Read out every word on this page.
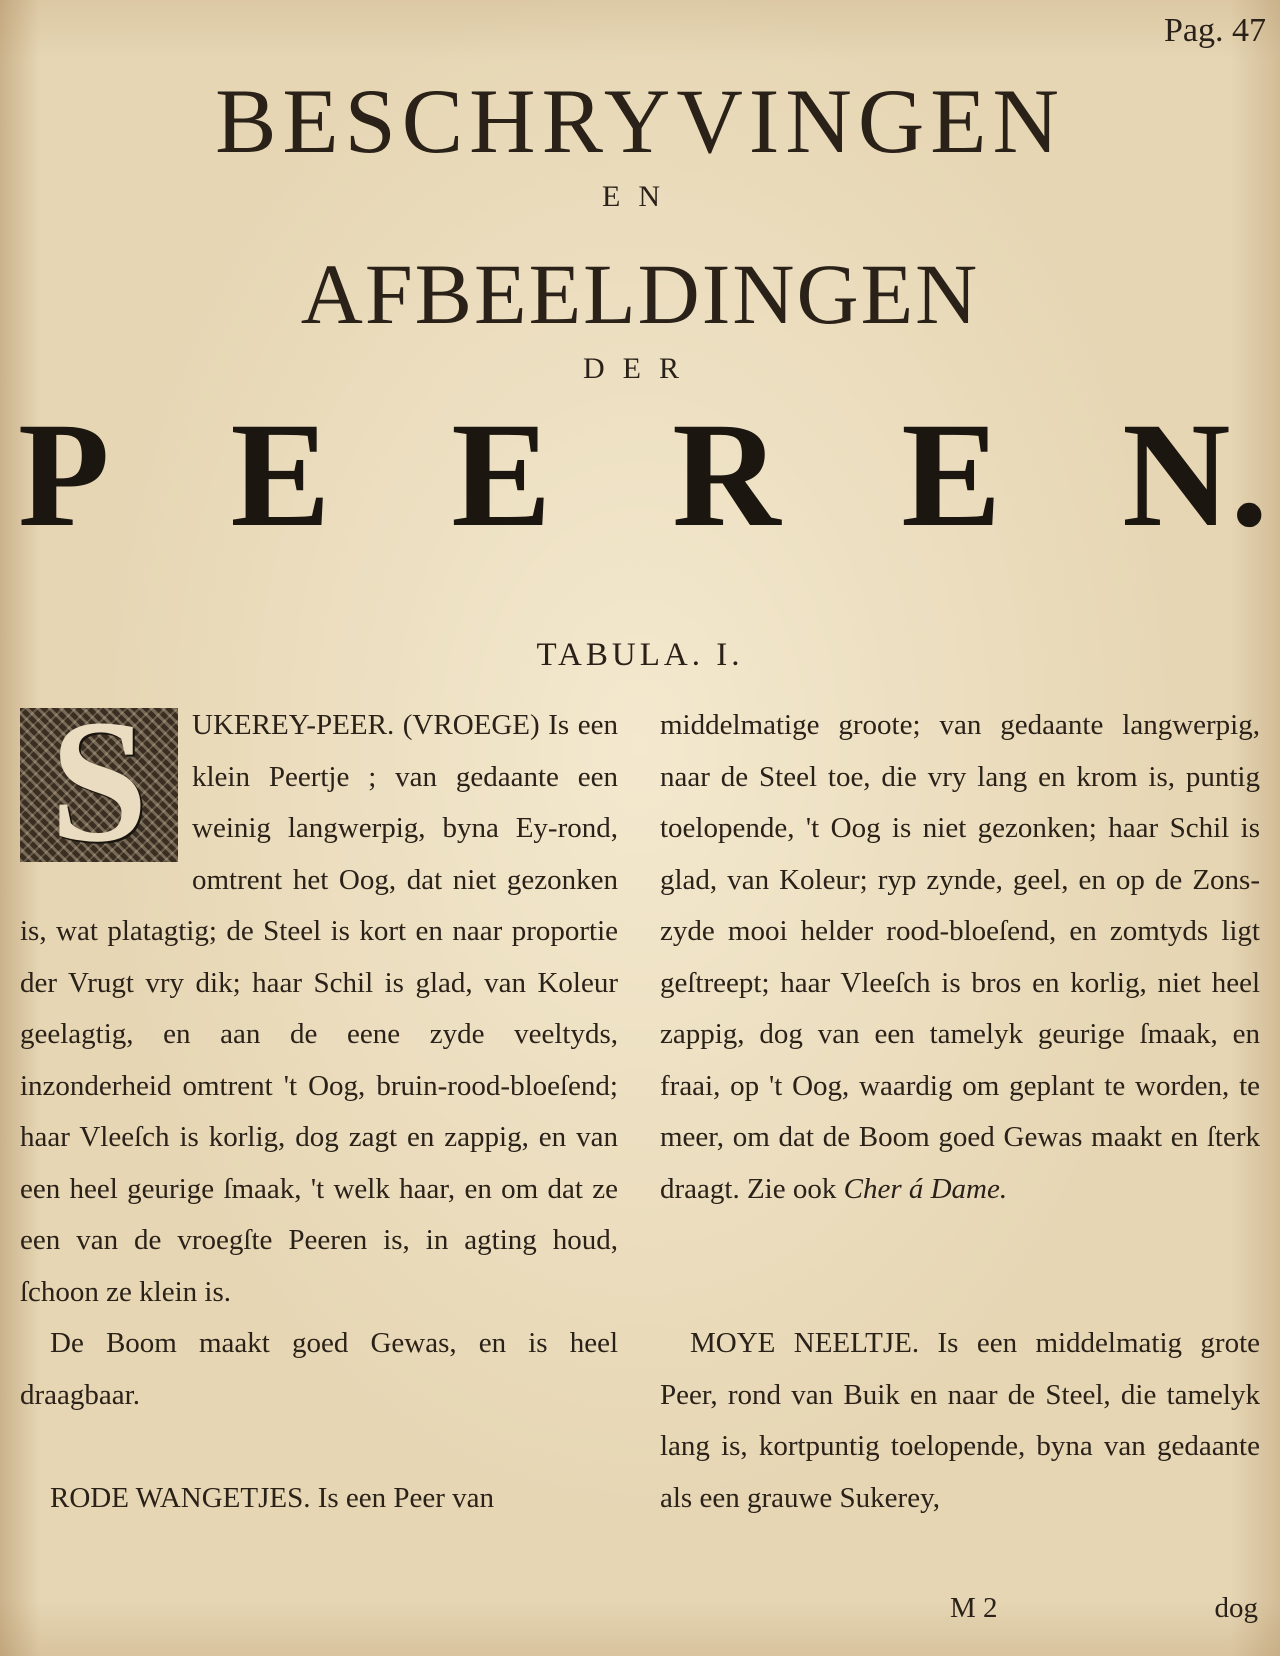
Pag. 47
BESCHRYVINGEN
EN
AFBEELDINGEN
DER
P E E R E N.
TABULA. I.
S	UKEREY-PEER. (VROEGE) Is een klein Peertje ; van gedaante een weinig langwerpig, byna Ey-rond, omtrent het Oog, dat niet gezonken is, wat platagtig; de Steel is kort en naar proportie der Vrugt vry dik; haar Schil is glad, van Koleur geelagtig, en aan de eene zyde veeltyds, inzonderheid omtrent 't Oog, bruin-rood-bloeſend; haar Vleeſch is korlig, dog zagt en zappig, en van een heel geurige ſmaak, 't welk haar, en om dat ze een van de vroegſte Peeren is, in agting houd, ſchoon ze klein is.

De Boom maakt goed Gewas, en is heel draagbaar.

RODE WANGETJES. Is een Peer van

middelmatige groote; van gedaante langwerpig, naar de Steel toe, die vry lang en krom is, puntig toelopende, 't Oog is niet gezonken; haar Schil is glad, van Koleur; ryp zynde, geel, en op de Zons-zyde mooi helder rood-bloeſend, en zomtyds ligt geſtreept; haar Vleeſch is bros en korlig, niet heel zappig, dog van een tamelyk geurige ſmaak, en fraai, op 't Oog, waardig om geplant te worden, te meer, om dat de Boom goed Gewas maakt en ſterk draagt. Zie ook Cher á Dame.

MOYE NEELTJE. Is een middelmatig grote Peer, rond van Buik en naar de Steel, die tamelyk lang is, kortpuntig toelopende, byna van gedaante als een grauwe Sukerey,

M 2	dog
